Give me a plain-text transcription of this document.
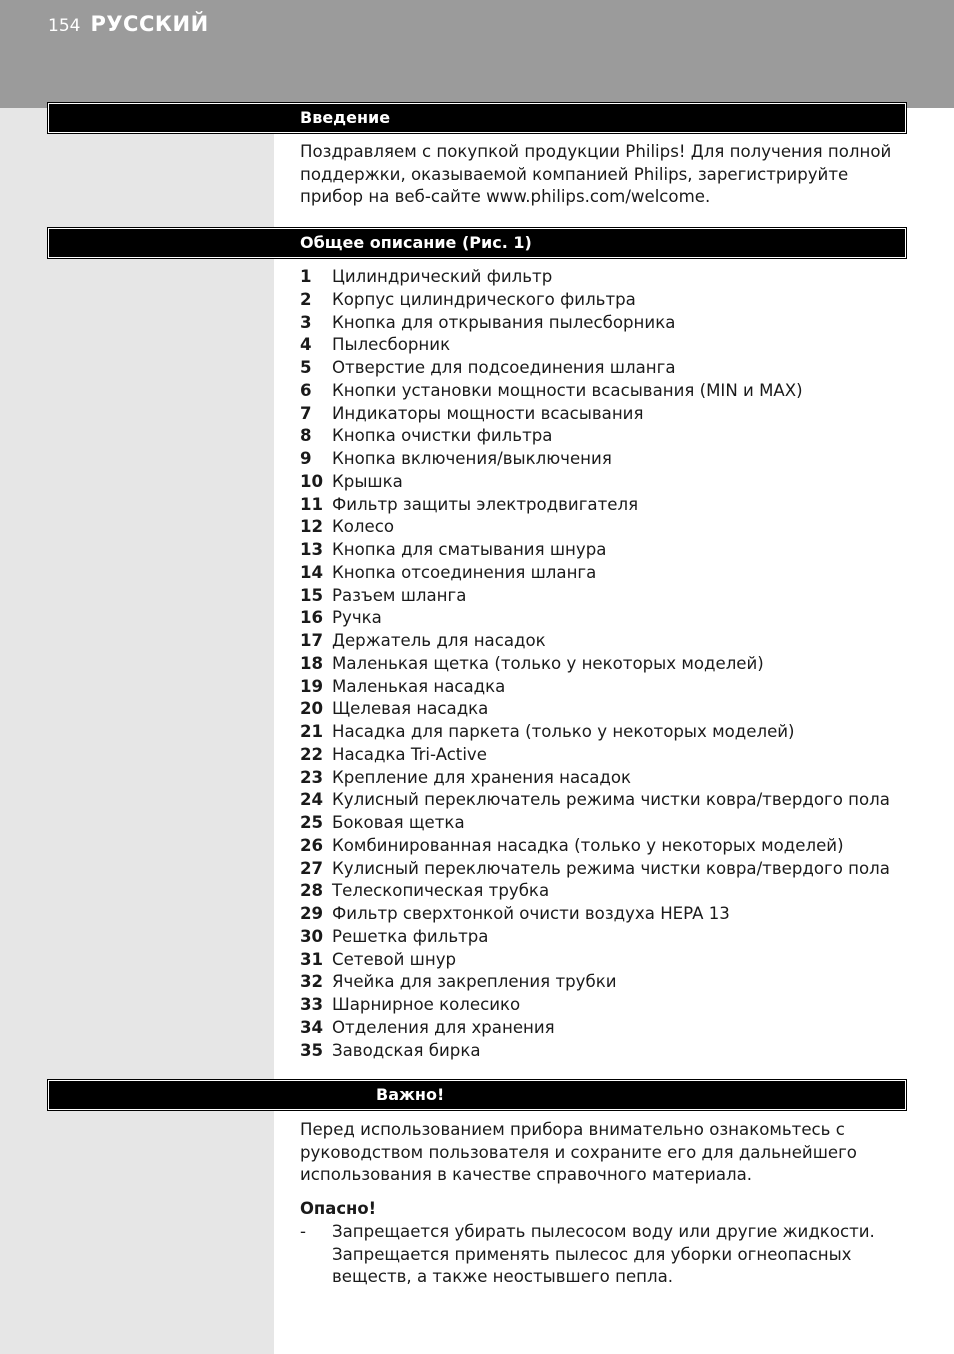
154 РУССКИЙ
Введение

Поздравляем с покупкой продукции Philips! Для получения полной поддержки, оказываемой компанией Philips, зарегистрируйте прибор на веб-сайте www.philips.com/welcome.

Общее описание (Рис. 1)
1	Цилиндрический фильтр
2	Корпус цилиндрического фильтра
3	Кнопка для открывания пылесборника
4	Пылесборник
5	Отверстие для подсоединения шланга
6	Кнопки установки мощности всасывания (MIN и MAX)
7	Индикаторы мощности всасывания
8	Кнопка очистки фильтра
9	Кнопка включения/выключения
10 Крышка
11 Фильтр защиты электродвигателя
12 Колесо
13 Кнопка для сматывания шнура
14 Кнопка отсоединения шланга
15 Разъем шланга
16 Ручка
17 Держатель для насадок
18 Маленькая щетка (только у некоторых моделей)
19 Маленькая насадка
20 Щелевая насадка
21 Насадка для паркета (только у некоторых моделей)
22 Насадка Tri-Active
23 Крепление для хранения насадок
24 Кулисный переключатель режима чистки ковра/твердого пола
25 Боковая щетка
26 Комбинированная насадка (только у некоторых моделей)
27 Кулисный переключатель режима чистки ковра/твердого пола
28 Телескопическая трубка
29 Фильтр сверхтонкой очисти воздуха HEPA 13
30 Решетка фильтра
31 Сетевой шнур
32 Ячейка для закрепления трубки
33 Шарнирное колесико
34 Отделения для хранения
35 Заводская бирка
Важно!

Перед использованием прибора внимательно ознакомьтесь с руководством пользователя и сохраните его для дальнейшего использования в качестве справочного материала.

Опасно!
- Запрещается убирать пылесосом воду или другие жидкости. Запрещается применять пылесос для уборки огнеопасных веществ, а также неостывшего пепла.
